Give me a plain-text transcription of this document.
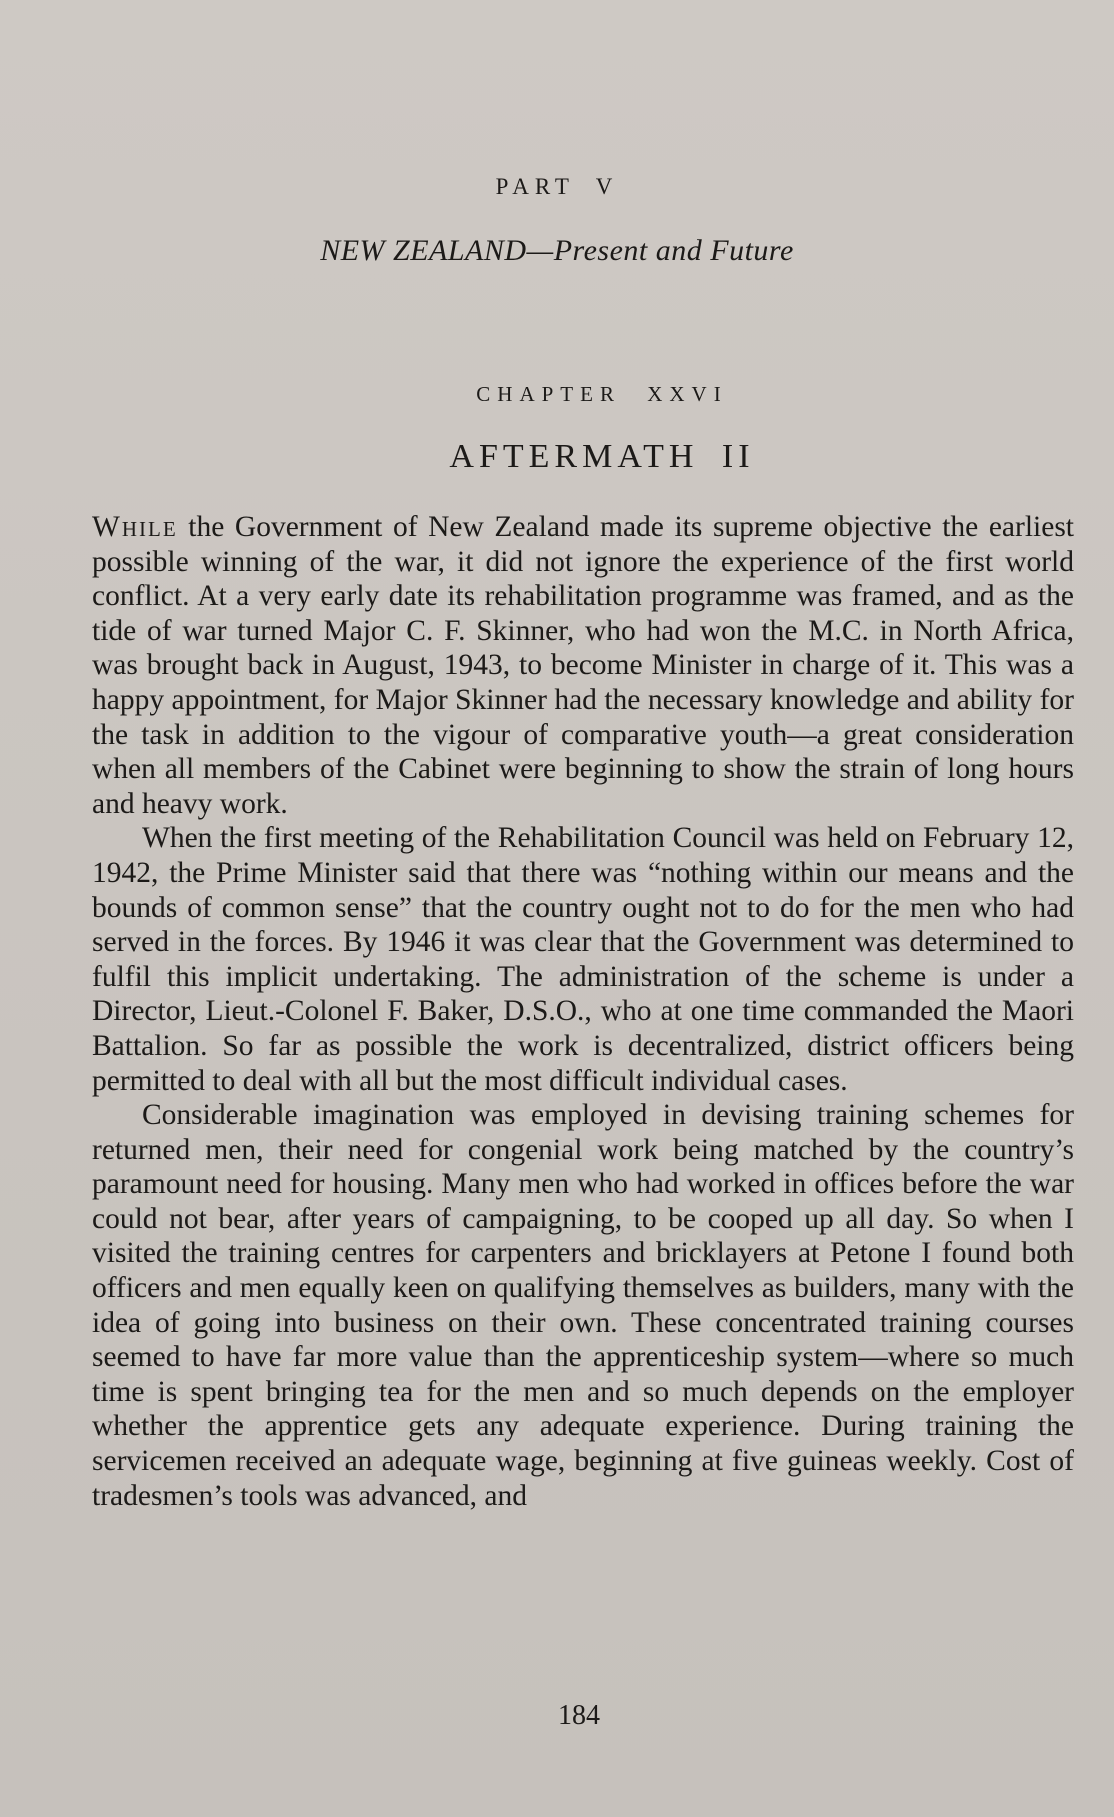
PART V
NEW ZEALAND—Present and Future
CHAPTER XXVI
AFTERMATH II

While the Government of New Zealand made its supreme objective the earliest possible winning of the war, it did not ignore the experience of the first world conflict. At a very early date its rehabilitation programme was framed, and as the tide of war turned Major C. F. Skinner, who had won the M.C. in North Africa, was brought back in August, 1943, to become Minister in charge of it. This was a happy appointment, for Major Skinner had the necessary knowledge and ability for the task in addition to the vigour of comparative youth—a great consideration when all members of the Cabinet were beginning to show the strain of long hours and heavy work.

When the first meeting of the Rehabilitation Council was held on February 12, 1942, the Prime Minister said that there was “nothing within our means and the bounds of common sense” that the country ought not to do for the men who had served in the forces. By 1946 it was clear that the Government was determined to fulfil this implicit undertaking. The administration of the scheme is under a Director, Lieut.-Colonel F. Baker, D.S.O., who at one time commanded the Maori Battalion. So far as possible the work is decentralized, district officers being permitted to deal with all but the most difficult individual cases.

Considerable imagination was employed in devising training schemes for returned men, their need for congenial work being matched by the country’s paramount need for housing. Many men who had worked in offices before the war could not bear, after years of campaigning, to be cooped up all day. So when I visited the training centres for carpenters and bricklayers at Petone I found both officers and men equally keen on qualifying themselves as builders, many with the idea of going into business on their own. These concentrated training courses seemed to have far more value than the apprenticeship system—where so much time is spent bringing tea for the men and so much depends on the employer whether the apprentice gets any adequate experience. During training the servicemen received an adequate wage, beginning at five guineas weekly. Cost of tradesmen’s tools was advanced, and

184
